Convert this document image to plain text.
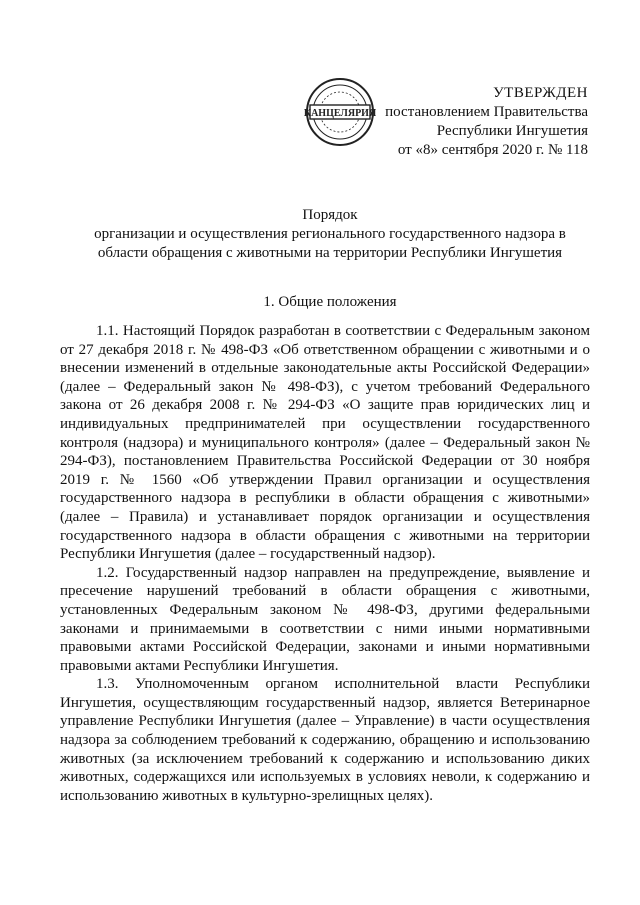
КАНЦЕЛЯРИЯ
УТВЕРЖДЕН
постановлением Правительства
Республики Ингушетия
от «8» сентября 2020 г. № 118
Порядок
организации и осуществления регионального государственного надзора в
области обращения с животными на территории Республики Ингушетия
1. Общие положения

1.1. Настоящий Порядок разработан в соответствии с Федеральным законом от 27 декабря 2018 г. № 498-ФЗ «Об ответственном обращении с животными и о внесении изменений в отдельные законодательные акты Российской Федерации» (далее – Федеральный закон № 498-ФЗ), с учетом требований Федерального закона от 26 декабря 2008 г. № 294-ФЗ «О защите прав юридических лиц и индивидуальных предпринимателей при осуществлении государственного контроля (надзора) и муниципального контроля» (далее – Федеральный закон № 294-ФЗ), постановлением Правительства Российской Федерации от 30 ноября 2019 г. № 1560 «Об утверждении Правил организации и осуществления государственного надзора в республики в области обращения с животными» (далее – Правила) и устанавливает порядок организации и осуществления государственного надзора в области обращения с животными на территории Республики Ингушетия (далее – государственный надзор).

1.2. Государственный надзор направлен на предупреждение, выявление и пресечение нарушений требований в области обращения с животными, установленных Федеральным законом № 498-ФЗ, другими федеральными законами и принимаемыми в соответствии с ними иными нормативными правовыми актами Российской Федерации, законами и иными нормативными правовыми актами Республики Ингушетия.

1.3. Уполномоченным органом исполнительной власти Республики Ингушетия, осуществляющим государственный надзор, является Ветеринарное управление Республики Ингушетия (далее – Управление) в части осуществления надзора за соблюдением требований к содержанию, обращению и использованию животных (за исключением требований к содержанию и использованию диких животных, содержащихся или используемых в условиях неволи, к содержанию и использованию животных в культурно-зрелищных целях).
